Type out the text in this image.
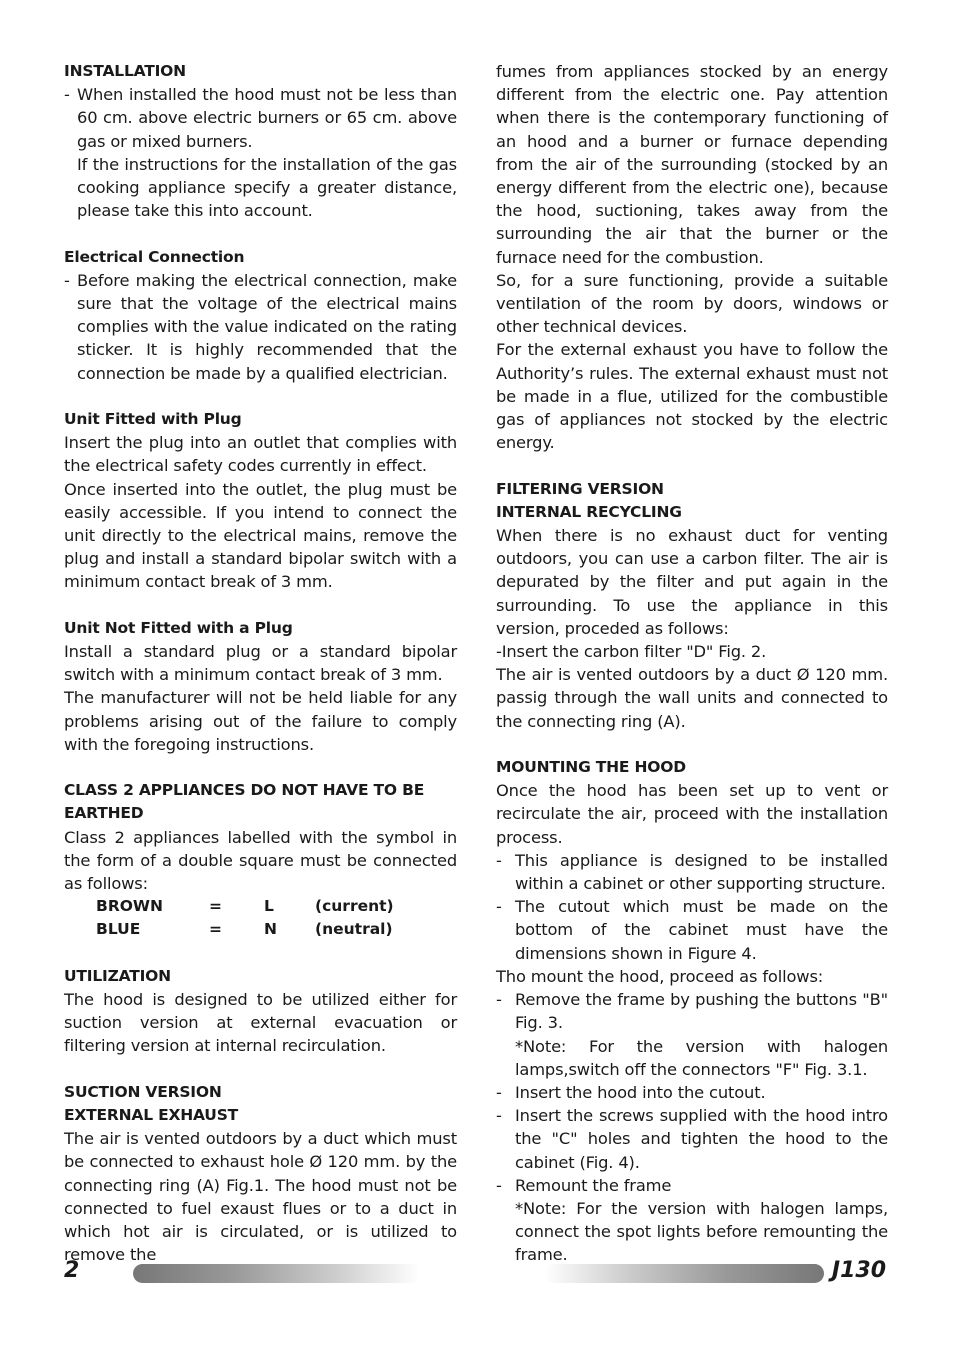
INSTALLATION

- When installed the hood must not be less than 60 cm. above electric burners or 65 cm. above gas or mixed burners.

If the instructions for the installation of the gas cooking appliance specify a greater distance, please take this into account.

Electrical Connection

- Before making the electrical connection, make sure that the voltage of the electrical mains complies with the value indicated on the rating sticker. It is highly recommended that the connection be made by a qualified electrician.

Unit Fitted with Plug

Insert the plug into an outlet that complies with the electrical safety codes currently in effect.

Once inserted into the outlet, the plug must be easily accessible. If you intend to connect the unit directly to the electrical mains, remove the plug and install a standard bipolar switch with a minimum contact break of 3 mm.

Unit Not Fitted with a Plug

Install a standard plug or a standard bipolar switch with a minimum contact break of 3 mm.

The manufacturer will not be held liable for any problems arising out of the failure to comply with the foregoing instructions.

CLASS 2 APPLIANCES DO NOT HAVE TO BE EARTHED

Class 2 appliances labelled with the symbol in the form of a double square must be connected as follows:

BROWN	=	L	(current)
BLUE	=	N	(neutral)

UTILIZATION

The hood is designed to be utilized either for suction version at external evacuation or filtering version at internal recirculation.

SUCTION VERSION

EXTERNAL EXHAUST

The air is vented outdoors by a duct which must be connected to exhaust hole Ø 120 mm. by the connecting ring (A) Fig.1. The hood must not be connected to fuel exaust flues or to a duct in which hot air is circulated, or is utilized to remove the

fumes from appliances stocked by an energy different from the electric one. Pay attention when there is the contemporary functioning of an hood and a burner or furnace depending from the air of the surrounding (stocked by an energy different from the electric one), because the hood, suctioning, takes away from the surrounding the air that the burner or the furnace need for the combustion.

So, for a sure functioning, provide a suitable ventilation of the room by doors, windows or other technical devices.

For the external exhaust you have to follow the Authority’s rules. The external exhaust must not be made in a flue, utilized for the combustible gas of appliances not stocked by the electric energy.

FILTERING VERSION

INTERNAL RECYCLING

When there is no exhaust duct for venting outdoors, you can use a carbon filter. The air is depurated by the filter and put again in the surrounding. To use the appliance in this version, proceded as follows:

-Insert the carbon filter "D" Fig. 2.

The air is vented outdoors by a duct Ø 120 mm. passig through the wall units and connected to the connecting ring (A).

MOUNTING THE HOOD

Once the hood has been set up to vent or recirculate the air, proceed with the installation process.

- This appliance is designed to be installed within a cabinet or other supporting structure.
- The cutout which must be made on the bottom of the cabinet must have the dimensions shown in Figure 4.

Tho mount the hood, proceed as follows:

- Remove the frame by pushing the buttons "B" Fig. 3.

*Note: For the version with halogen lamps,switch off the connectors "F" Fig. 3.1.

- Insert the hood into the cutout.
- Insert the screws supplied with the hood intro the "C" holes and tighten the hood to the cabinet (Fig. 4).
- Remount the frame

*Note: For the version with halogen lamps, connect the spot lights before remounting the frame.

2	J130
